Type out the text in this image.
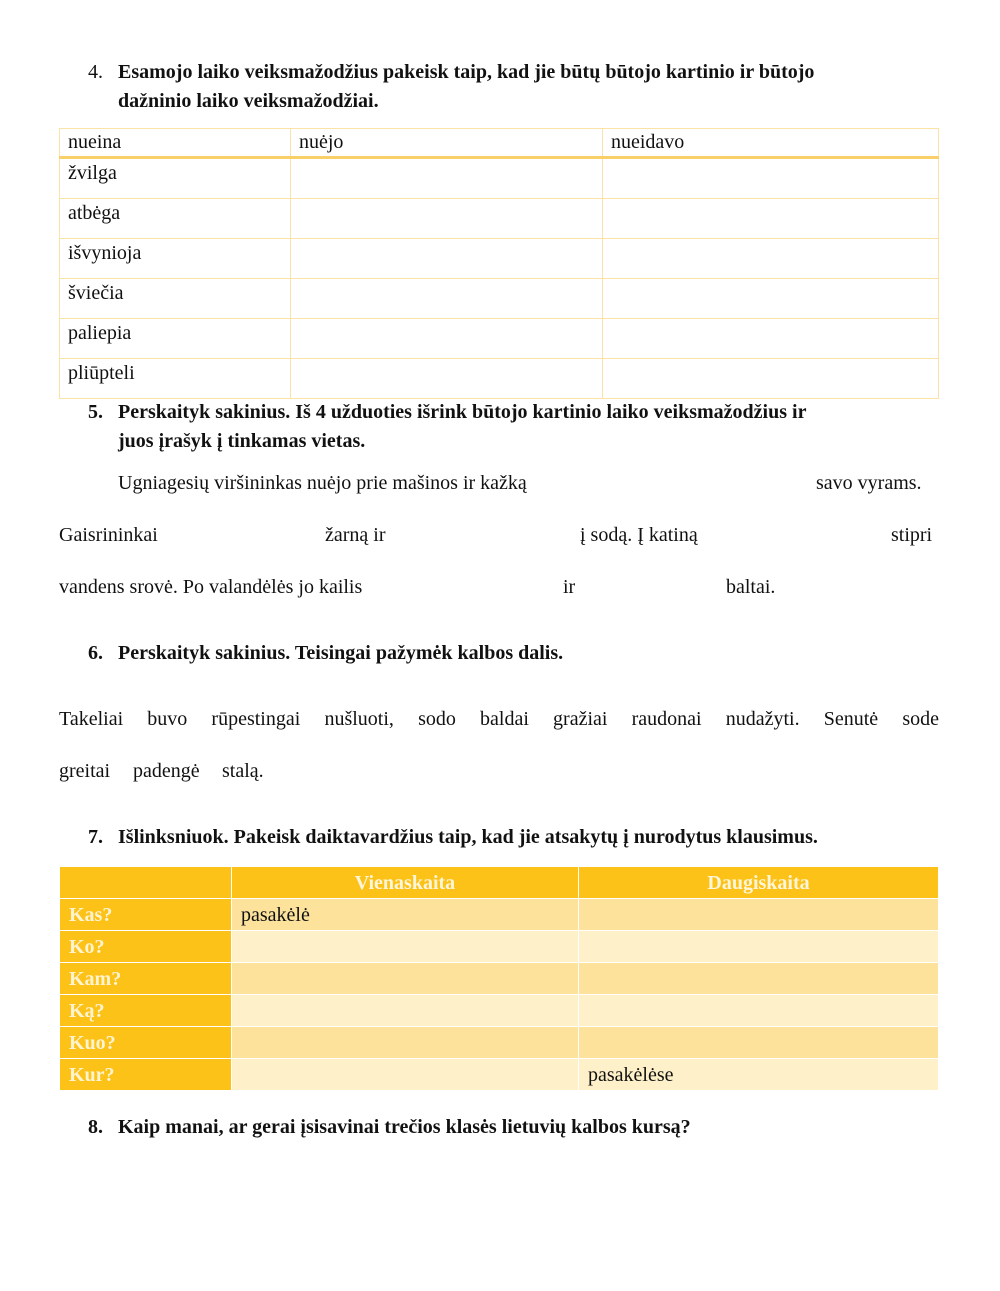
4. Esamojo laiko veiksmažodžius pakeisk taip, kad jie būtų būtojo kartinio ir būtojo
dažninio laiko veiksmažodžiai.
nueina	nuėjo	nueidavo
žvilga		
atbėga		
išvynioja		
šviečia		
paliepia		
pliūpteli		
5. Perskaityk sakinius. Iš 4 užduoties išrink būtojo kartinio laiko veiksmažodžius ir
juos įrašyk į tinkamas vietas.
Ugniagesių viršininkas nuėjo prie mašinos ir kažką	savo vyrams.
Gaisrininkai	žarną ir	į sodą. Į katiną	stipri
vandens srovė. Po valandėlės jo kailis	ir	baltai.
6. Perskaityk sakinius. Teisingai pažymėk kalbos dalis.
Takeliai buvo rūpestingai nušluoti, sodo baldai gražiai raudonai nudažyti. Senutė sode
greitai padengė stalą.
7. Išlinksniuok. Pakeisk daiktavardžius taip, kad jie atsakytų į nurodytus klausimus.
	Vienaskaita	Daugiskaita
Kas?	pasakėlė	
Ko?		
Kam?		
Ką?		
Kuo?		
Kur?		pasakėlėse
8. Kaip manai, ar gerai įsisavinai trečios klasės lietuvių kalbos kursą?
